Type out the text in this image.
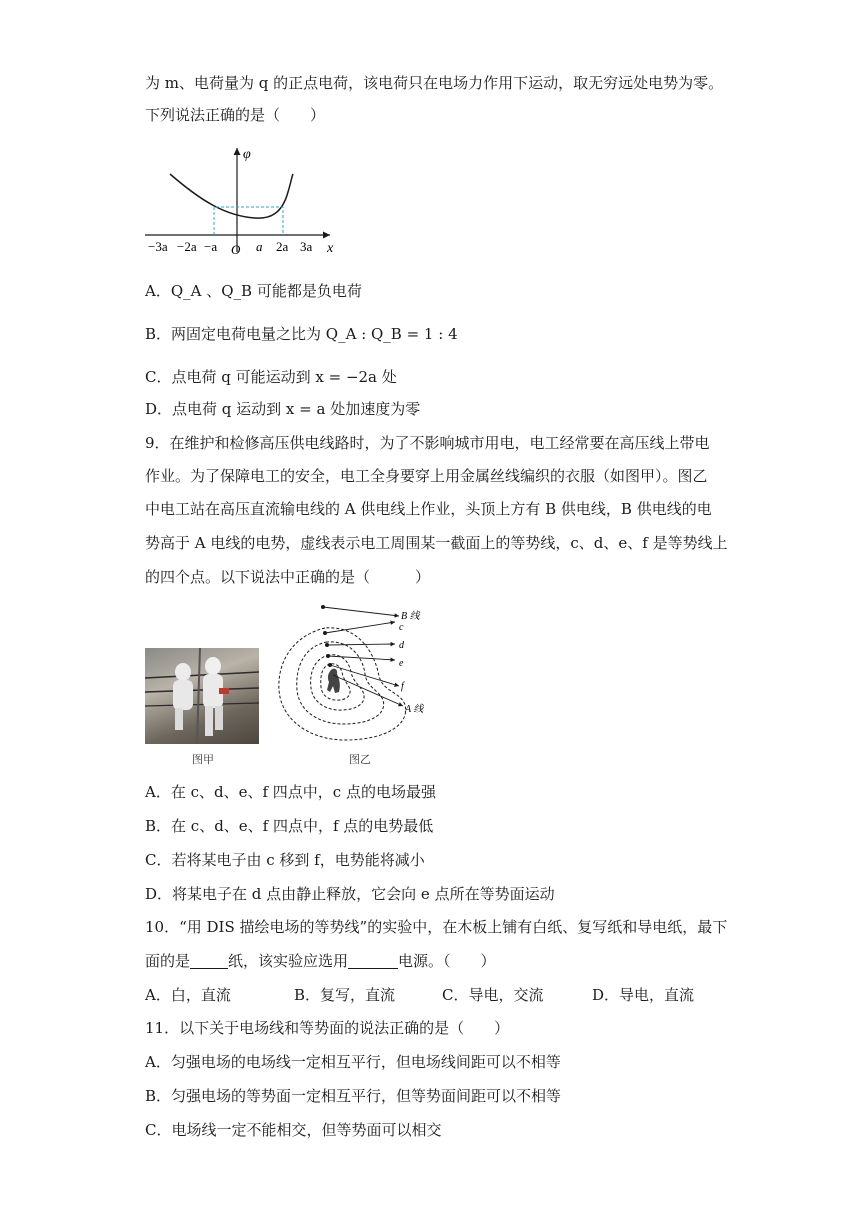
为 m、电荷量为 q 的正点电荷，该电荷只在电场力作用下运动，取无穷远处电势为零。
下列说法正确的是（　　）
φ
x
−3a −2a −a O a 2a 3a
A．Q_A 、Q_B 可能都是负电荷
B．两固定电荷电量之比为 Q_A : Q_B = 1 : 4
C．点电荷 q 可能运动到 x = −2a 处
D．点电荷 q 运动到 x = a 处加速度为零
9．在维护和检修高压供电线路时，为了不影响城市用电，电工经常要在高压线上带电
作业。为了保障电工的安全，电工全身要穿上用金属丝线编织的衣服（如图甲）。图乙
中电工站在高压直流输电线的 A 供电线上作业，头顶上方有 B 供电线，B 供电线的电
势高于 A 电线的电势，虚线表示电工周围某一截面上的等势线，c、d、e、f 是等势线上
的四个点。以下说法中正确的是（　　　）
图甲
B 线
c
d
e
f
A 线
图乙
A．在 c、d、e、f 四点中，c 点的电场最强
B．在 c、d、e、f 四点中，f 点的电势最低
C．若将某电子由 c 移到 f，电势能将减小
D．将某电子在 d 点由静止释放，它会向 e 点所在等势面运动
10．“用 DIS 描绘电场的等势线”的实验中，在木板上铺有白纸、复写纸和导电纸，最下
面的是	纸，该实验应选用	电源。（　　）
A．白，直流	B．复写，直流	C．导电，交流	D．导电，直流
11．以下关于电场线和等势面的说法正确的是（　　）
A．匀强电场的电场线一定相互平行，但电场线间距可以不相等
B．匀强电场的等势面一定相互平行，但等势面间距可以不相等
C．电场线一定不能相交，但等势面可以相交
